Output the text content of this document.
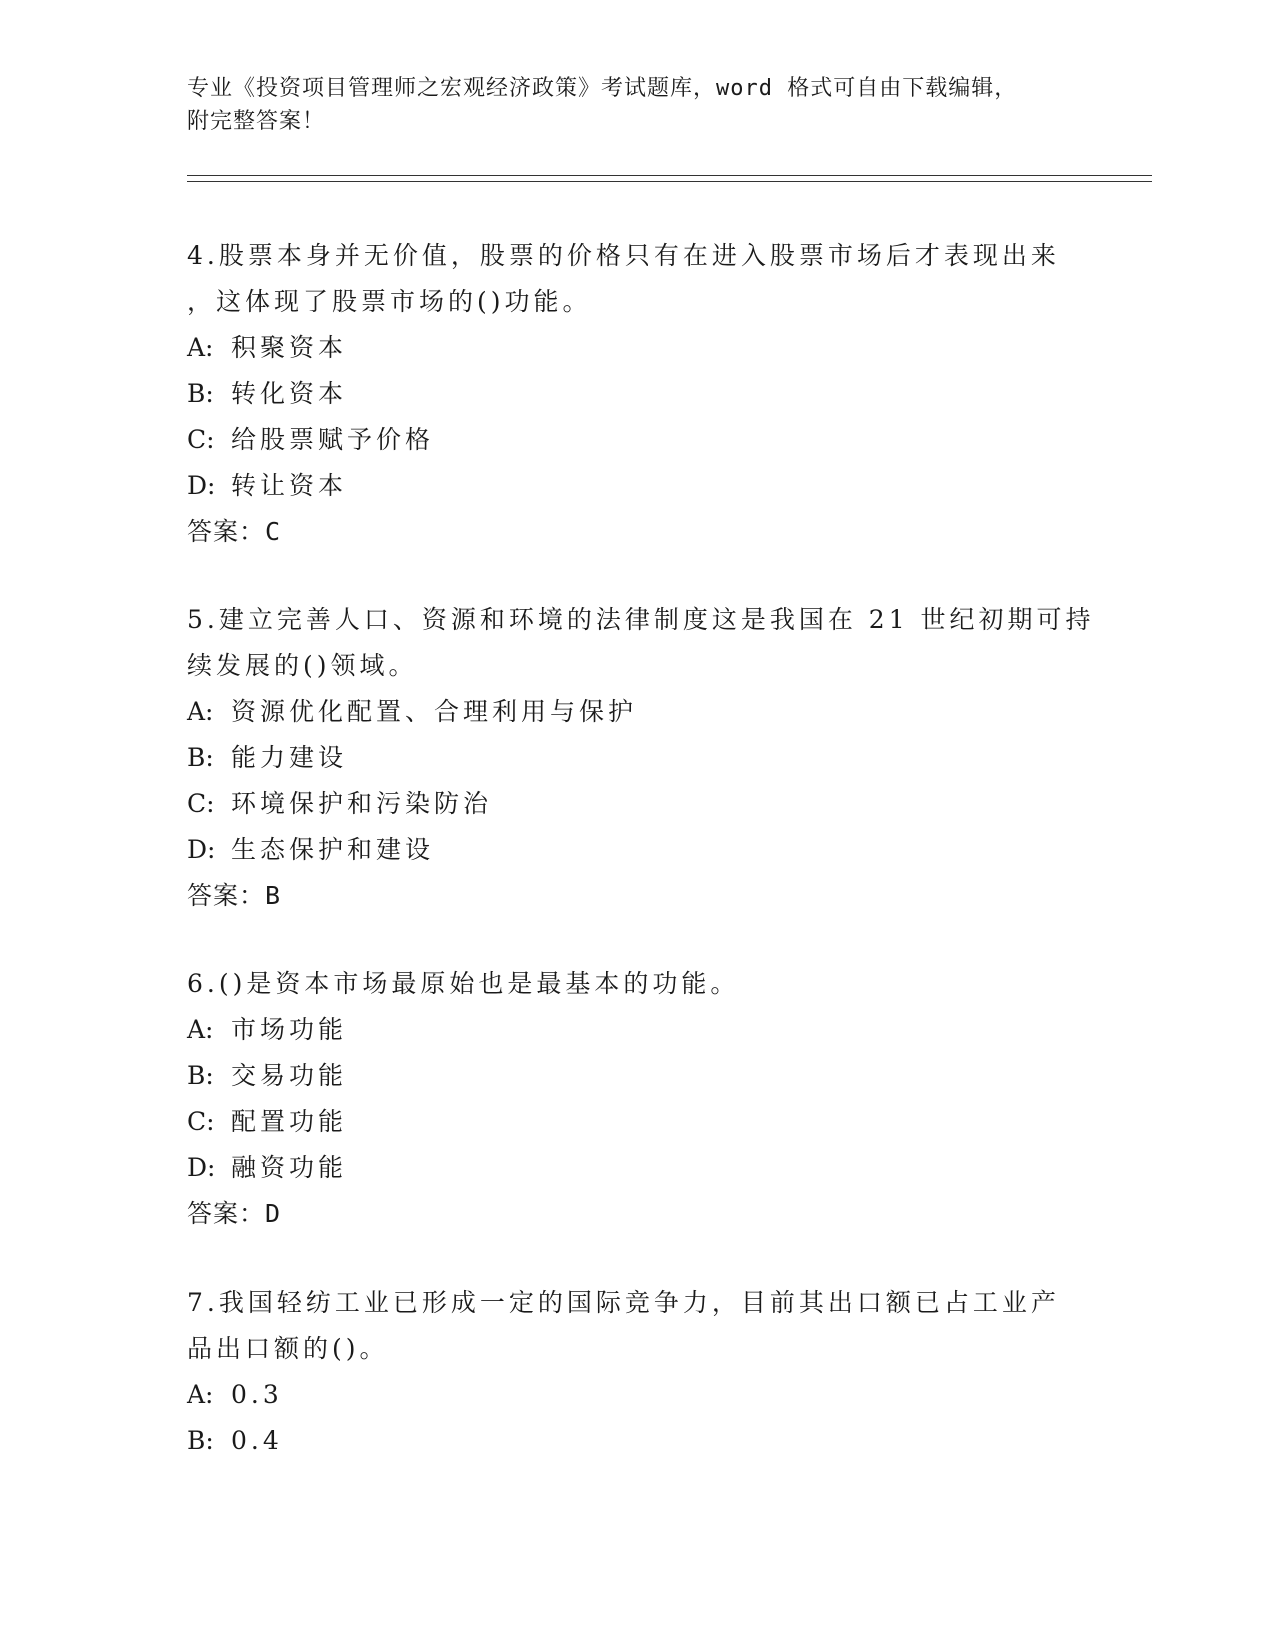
专业《投资项目管理师之宏观经济政策》考试题库，word 格式可自由下载编辑，
附完整答案！
4.股票本身并无价值，股票的价格只有在进入股票市场后才表现出来
，这体现了股票市场的()功能。
A: 积聚资本
B: 转化资本
C: 给股票赋予价格
D: 转让资本
答案：C
5.建立完善人口、资源和环境的法律制度这是我国在 21 世纪初期可持
续发展的()领域。
A: 资源优化配置、合理利用与保护
B: 能力建设
C: 环境保护和污染防治
D: 生态保护和建设
答案：B
6.()是资本市场最原始也是最基本的功能。
A: 市场功能
B: 交易功能
C: 配置功能
D: 融资功能
答案：D
7.我国轻纺工业已形成一定的国际竞争力，目前其出口额已占工业产
品出口额的()。
A: 0.3
B: 0.4
